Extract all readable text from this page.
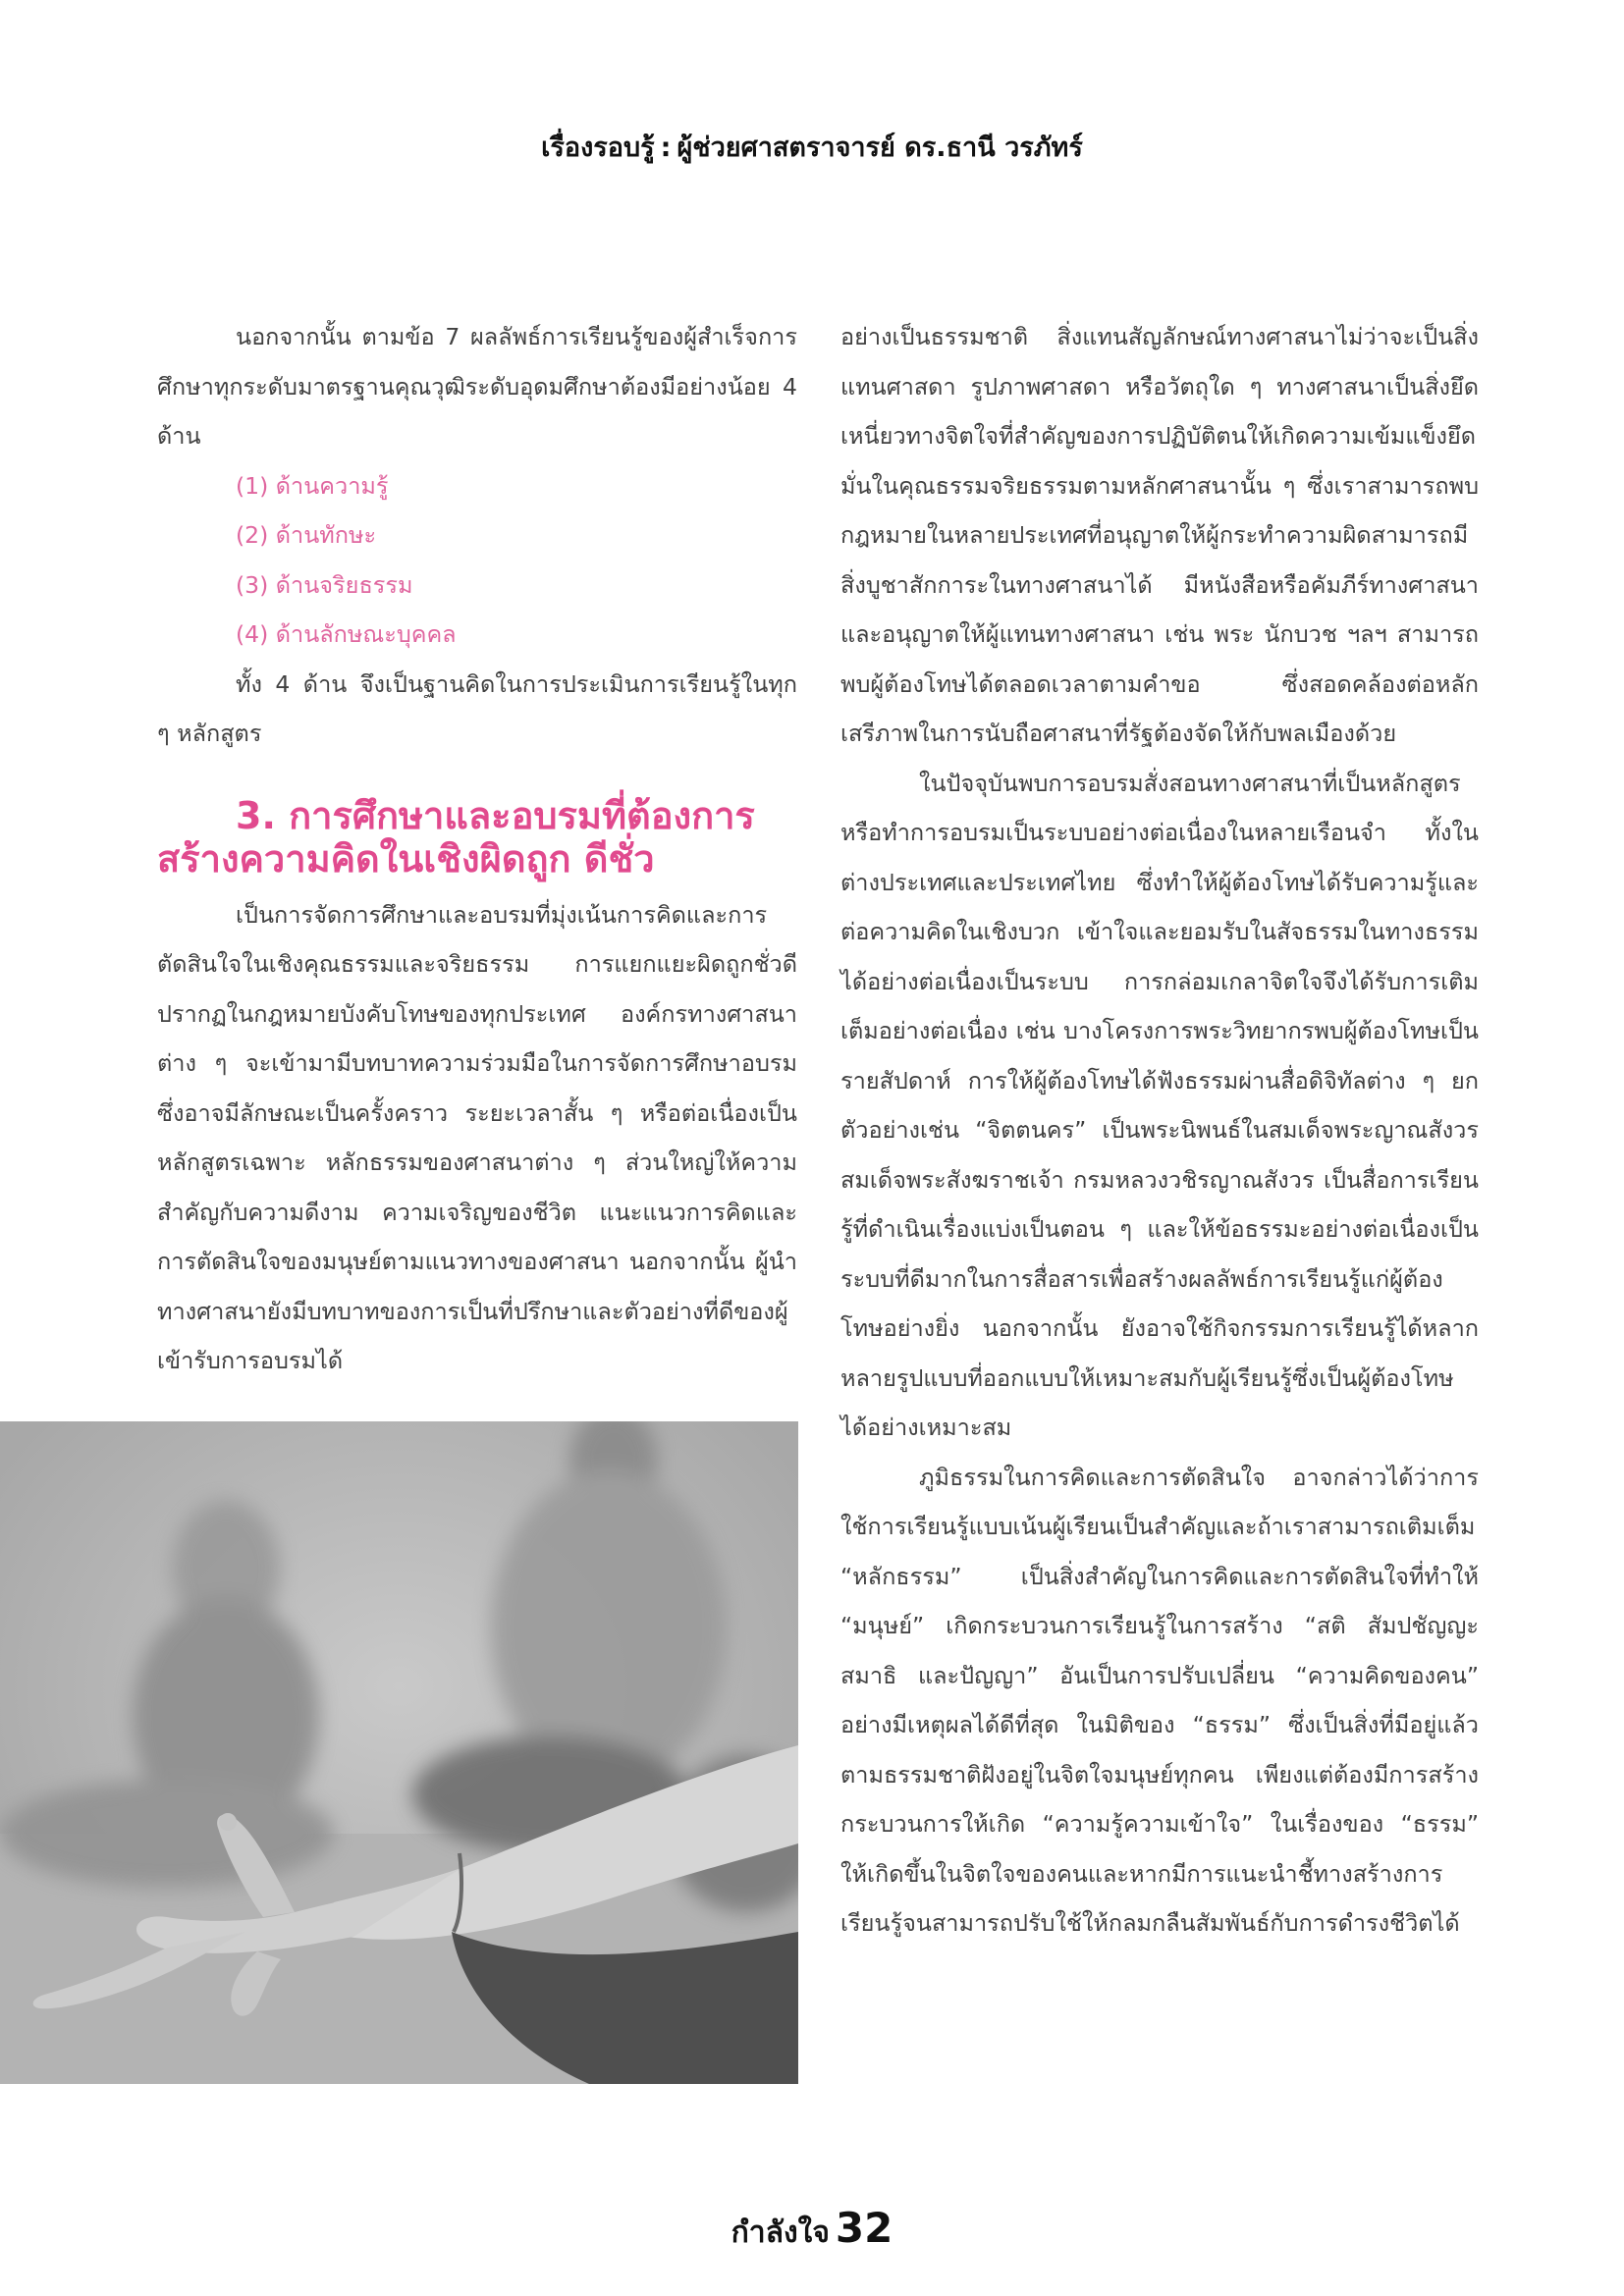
เรื่องรอบรู้ : ผู้ช่วยศาสตราจารย์ ดร.ธานี วรภัทร์

นอกจากนั้น ตามข้อ 7 ผลลัพธ์การเรียนรู้ของผู้สำเร็จการศึกษาทุกระดับมาตรฐานคุณวุฒิระดับอุดมศึกษาต้องมีอย่างน้อย 4 ด้าน

(1) ด้านความรู้

(2) ด้านทักษะ

(3) ด้านจริยธรรม

(4) ด้านลักษณะบุคคล

ทั้ง 4 ด้าน จึงเป็นฐานคิดในการประเมินการเรียนรู้ในทุก ๆ หลักสูตร

3. การศึกษาและอบรมที่ต้องการ
สร้างความคิดในเชิงผิดถูก ดีชั่ว

เป็นการจัดการศึกษาและอบรมที่มุ่งเน้นการคิดและการตัดสินใจในเชิงคุณธรรมและจริยธรรม การแยกแยะผิดถูกชั่วดี ปรากฏในกฎหมายบังคับโทษของทุกประเทศ องค์กรทางศาสนาต่าง ๆ จะเข้ามามีบทบาทความร่วมมือในการจัดการศึกษาอบรม ซึ่งอาจมีลักษณะเป็นครั้งคราว ระยะเวลาสั้น ๆ หรือต่อเนื่องเป็นหลักสูตรเฉพาะ หลักธรรมของศาสนาต่าง ๆ ส่วนใหญ่ให้ความสำคัญกับความดีงาม ความเจริญของชีวิต แนะแนวการคิดและการตัดสินใจของมนุษย์ตามแนวทางของศาสนา นอกจากนั้น ผู้นำทางศาสนายังมีบทบาทของการเป็นที่ปรึกษาและตัวอย่างที่ดีของผู้เข้ารับการอบรมได้

อย่างเป็นธรรมชาติ สิ่งแทนสัญลักษณ์ทางศาสนาไม่ว่าจะเป็นสิ่งแทนศาสดา รูปภาพศาสดา หรือวัตถุใด ๆ ทางศาสนาเป็นสิ่งยึดเหนี่ยวทางจิตใจที่สำคัญของการปฏิบัติตนให้เกิดความเข้มแข็งยึดมั่นในคุณธรรมจริยธรรมตามหลักศาสนานั้น ๆ ซึ่งเราสามารถพบกฎหมายในหลายประเทศที่อนุญาตให้ผู้กระทำความผิดสามารถมีสิ่งบูชาสักการะในทางศาสนาได้ มีหนังสือหรือคัมภีร์ทางศาสนา และอนุญาตให้ผู้แทนทางศาสนา เช่น พระ นักบวช ฯลฯ สามารถพบผู้ต้องโทษได้ตลอดเวลาตามคำขอ ซึ่งสอดคล้องต่อหลักเสรีภาพในการนับถือศาสนาที่รัฐต้องจัดให้กับพลเมืองด้วย

ในปัจจุบันพบการอบรมสั่งสอนทางศาสนาที่เป็นหลักสูตรหรือทำการอบรมเป็นระบบอย่างต่อเนื่องในหลายเรือนจำ ทั้งในต่างประเทศและประเทศไทย ซึ่งทำให้ผู้ต้องโทษได้รับความรู้และต่อความคิดในเชิงบวก เข้าใจและยอมรับในสัจธรรมในทางธรรม ได้อย่างต่อเนื่องเป็นระบบ การกล่อมเกลาจิตใจจึงได้รับการเติมเต็มอย่างต่อเนื่อง เช่น บางโครงการพระวิทยากรพบผู้ต้องโทษเป็นรายสัปดาห์ การให้ผู้ต้องโทษได้ฟังธรรมผ่านสื่อดิจิทัลต่าง ๆ ยกตัวอย่างเช่น “จิตตนคร” เป็นพระนิพนธ์ในสมเด็จพระญาณสังวร สมเด็จพระสังฆราชเจ้า กรมหลวงวชิรญาณสังวร เป็นสื่อการเรียนรู้ที่ดำเนินเรื่องแบ่งเป็นตอน ๆ และให้ข้อธรรมะอย่างต่อเนื่องเป็นระบบที่ดีมากในการสื่อสารเพื่อสร้างผลลัพธ์การเรียนรู้แก่ผู้ต้องโทษอย่างยิ่ง นอกจากนั้น ยังอาจใช้กิจกรรมการเรียนรู้ได้หลากหลายรูปแบบที่ออกแบบให้เหมาะสมกับผู้เรียนรู้ซึ่งเป็นผู้ต้องโทษได้อย่างเหมาะสม

ภูมิธรรมในการคิดและการตัดสินใจ อาจกล่าวได้ว่าการใช้การเรียนรู้แบบเน้นผู้เรียนเป็นสำคัญและถ้าเราสามารถเติมเต็ม “หลักธรรม” เป็นสิ่งสำคัญในการคิดและการตัดสินใจที่ทำให้ “มนุษย์” เกิดกระบวนการเรียนรู้ในการสร้าง “สติ สัมปชัญญะ สมาธิ และปัญญา” อันเป็นการปรับเปลี่ยน “ความคิดของคน” อย่างมีเหตุผลได้ดีที่สุด ในมิติของ “ธรรม” ซึ่งเป็นสิ่งที่มีอยู่แล้วตามธรรมชาติฝังอยู่ในจิตใจมนุษย์ทุกคน เพียงแต่ต้องมีการสร้างกระบวนการให้เกิด “ความรู้ความเข้าใจ” ในเรื่องของ “ธรรม” ให้เกิดขึ้นในจิตใจของคนและหากมีการแนะนำชี้ทางสร้างการเรียนรู้จนสามารถปรับใช้ให้กลมกลืนสัมพันธ์กับการดำรงชีวิตได้

กำลังใจ 32
